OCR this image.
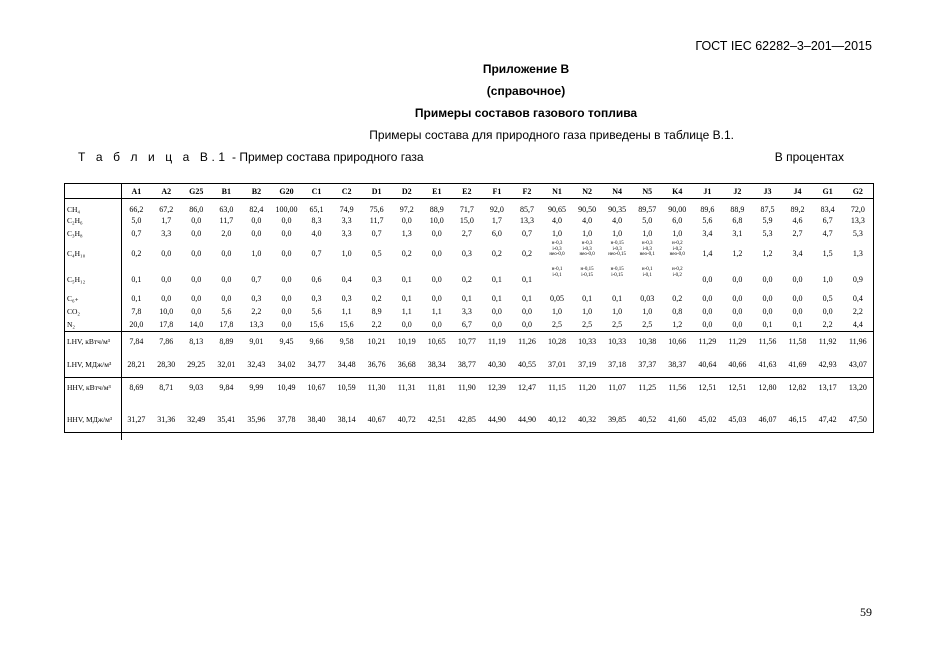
ГОСТ IEC 62282–3–201—2015
Приложение В
(справочное)
Примеры составов газового топлива
Примеры состава для природного газа приведены в таблице В.1.
Т а б л и ц а В.1 - Пример состава природного газа	В процентах
	A1	A2	G25	B1	B2	G20	C1	C2	D1	D2	E1	E2	F1	F2	N1	N2	N4	N5	K4	J1	J2	J3	J4	G1	G2
CH₄	66,2	67,2	86,0	63,0	82,4	100,00	65,1	74,9	75,6	97,2	88,9	71,7	92,0	85,7	90,65	90,50	90,35	89,57	90,00	89,6	88,9	87,5	89,2	83,4	72,0
C₂H₆	5,0	1,7	0,0	11,7	0,0	0,0	8,3	3,3	11,7	0,0	10,0	15,0	1,7	13,3	4,0	4,0	4,0	5,0	6,0	5,6	6,8	5,9	4,6	6,7	13,3
C₃H₈	0,7	3,3	0,0	2,0	0,0	0,0	4,0	3,3	0,7	1,3	0,0	2,7	6,0	0,7	1,0	1,0	1,0	1,0	1,0	3,4	3,1	5,3	2,7	4,7	5,3
C₄H₁₀	0,2	0,0	0,0	0,0	1,0	0,0	0,7	1,0	0,5	0,2	0,0	0,3	0,2	0,2	н-0,3
i-0,3
нео-0,0	н-0,3
i-0,3
нео-0,0	н-0,15
i-0,3
нео-0,15	н-0,3
i-0,3
нео-0,1	н-0,2
i-0,2
нео-0,0	1,4	1,2	1,2	3,4	1,5	1,3
C₅H₁₂	0,1	0,0	0,0	0,0	0,7	0,0	0,6	0,4	0,3	0,1	0,0	0,2	0,1	0,1	н-0,1
i-0,1	н-0,15
i-0,15	н-0,15
i-0,15	н-0,1
i-0,1	н-0,2
i-0,2	0,0	0,0	0,0	0,0	1,0	0,9
C₆₊	0,1	0,0	0,0	0,0	0,3	0,0	0,3	0,3	0,2	0,1	0,0	0,1	0,1	0,1	0,05	0,1	0,1	0,03	0,2	0,0	0,0	0,0	0,0	0,5	0,4
CO₂	7,8	10,0	0,0	5,6	2,2	0,0	5,6	1,1	8,9	1,1	1,1	3,3	0,0	0,0	1,0	1,0	1,0	1,0	0,8	0,0	0,0	0,0	0,0	0,0	2,2
N₂	20,0	17,8	14,0	17,8	13,3	0,0	15,6	15,6	2,2	0,0	0,0	6,7	0,0	0,0	2,5	2,5	2,5	2,5	1,2	0,0	0,0	0,1	0,1	2,2	4,4
LHV, кВтч/м³	7,84	7,86	8,13	8,89	9,01	9,45	9,66	9,58	10,21	10,19	10,65	10,77	11,19	11,26	10,28	10,33	10,33	10,38	10,66	11,29	11,29	11,56	11,58	11,92	11,96
LHV, МДж/м³	28,21	28,30	29,25	32,01	32,43	34,02	34,77	34,48	36,76	36,68	38,34	38,77	40,30	40,55	37,01	37,19	37,18	37,37	38,37	40,64	40,66	41,63	41,69	42,93	43,07
HHV, кВтч/м³	8,69	8,71	9,03	9,84	9,99	10,49	10,67	10,59	11,30	11,31	11,81	11,90	12,39	12,47	11,15	11,20	11,07	11,25	11,56	12,51	12,51	12,80	12,82	13,17	13,20
HHV, МДж/м³	31,27	31,36	32,49	35,41	35,96	37,78	38,40	38,14	40,67	40,72	42,51	42,85	44,90	44,90	40,12	40,32	39,85	40,52	41,60	45,02	45,03	46,07	46,15	47,42	47,50
59
